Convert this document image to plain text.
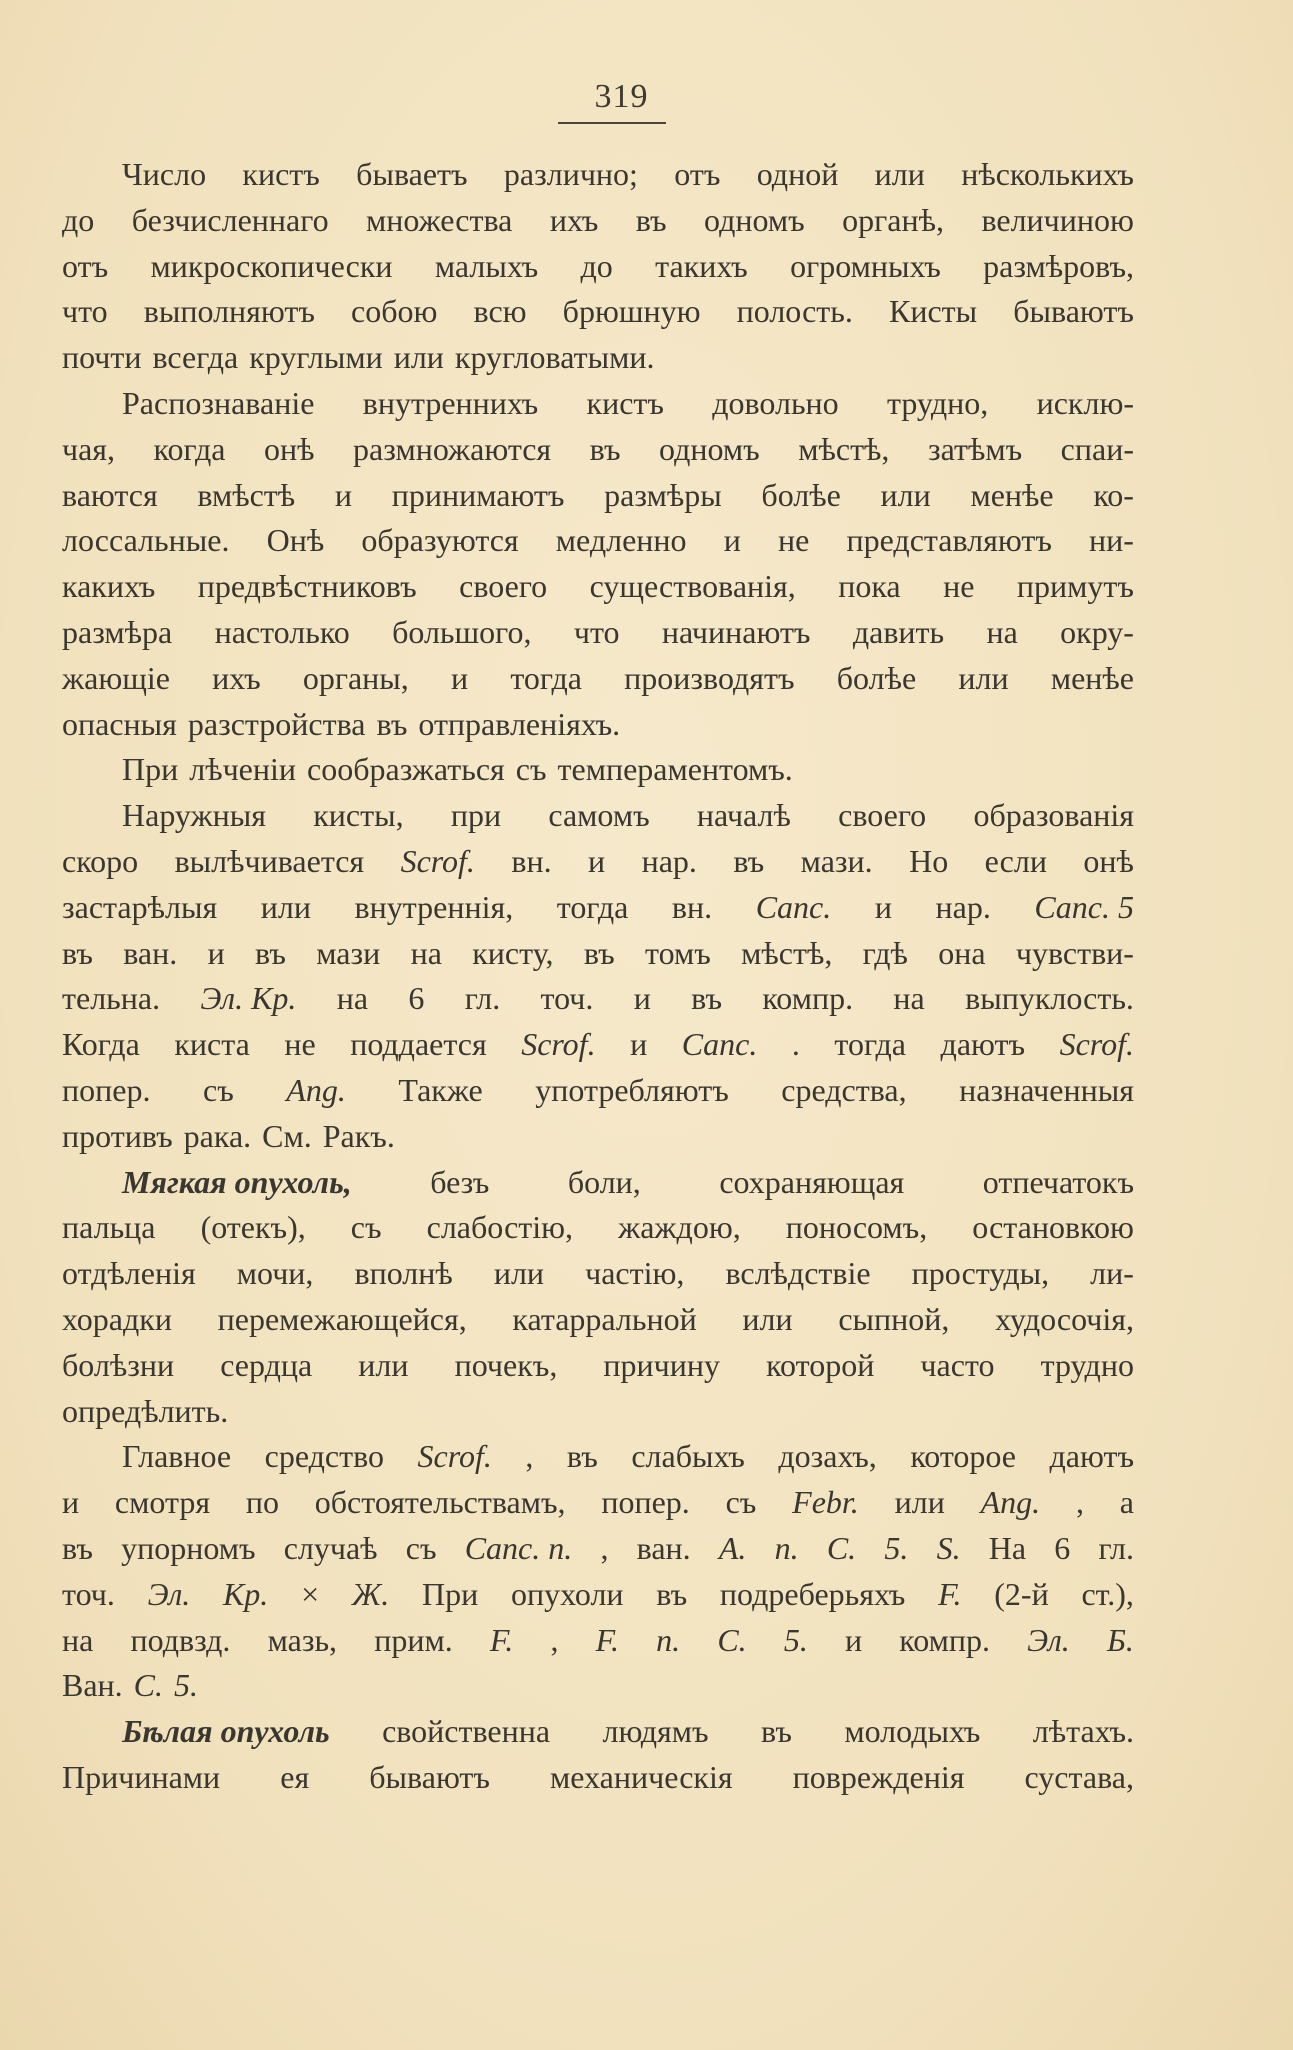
319
Число кистъ бываетъ различно; отъ одной или нѣсколькихъ
до безчисленнаго множества ихъ въ одномъ органѣ, величиною
отъ микроскопически малыхъ до такихъ огромныхъ размѣровъ,
что выполняютъ собою всю брюшную полость. Кисты бываютъ
почти всегда круглыми или кругловатыми.
Распознаваніе внутреннихъ кистъ довольно трудно, исклю-
чая, когда онѣ размножаются въ одномъ мѣстѣ, затѣмъ спаи-
ваются вмѣстѣ и принимаютъ размѣры болѣе или менѣе ко-
лоссальные. Онѣ образуются медленно и не представляютъ ни-
какихъ предвѣстниковъ своего существованія, пока не примутъ
размѣра настолько большого, что начинаютъ давить на окру-
жающіе ихъ органы, и тогда производятъ болѣе или менѣе
опасныя разстройства въ отправленіяхъ.
При лѣченіи сообразжаться съ темпераментомъ.
Наружныя кисты, при самомъ началѣ своего образованія
скоро вылѣчивается Scrof. вн. и нар. въ мази. Но если онѣ
застарѣлыя или внутреннія, тогда вн. Canc. и нар. Canc. 5
въ ван. и въ мази на кисту, въ томъ мѣстѣ, гдѣ она чувстви-
тельна. Эл. Кр. на 6 гл. точ. и въ компр. на выпуклость.
Когда киста не поддается Scrof. и Canc. . тогда даютъ Scrof.
попер. съ Ang. Также употребляютъ средства, назначенныя
противъ рака. См. Ракъ.
Мягкая опухоль, безъ боли, сохраняющая отпечатокъ
пальца (отекъ), съ слабостію, жаждою, поносомъ, остановкою
отдѣленія мочи, вполнѣ или частію, вслѣдствіе простуды, ли-
хорадки перемежающейся, катарральной или сыпной, худосочія,
болѣзни сердца или почекъ, причину которой часто трудно
опредѣлить.
Главное средство Scrof. , въ слабыхъ дозахъ, которое даютъ
и смотря по обстоятельствамъ, попер. съ Febr. или Ang. , а
въ упорномъ случаѣ съ Canc. n. , ван. A. n. C. 5. S. На 6 гл.
точ. Эл. Кр. × Ж. При опухоли въ подреберьяхъ F. (2-й ст.),
на подвзд. мазь, прим. F. , F. n. C. 5. и компр. Эл. Б.
Ван. C. 5.
Бѣлая опухоль свойственна людямъ въ молодыхъ лѣтахъ.
Причинами ея бываютъ механическія поврежденія сустава,
